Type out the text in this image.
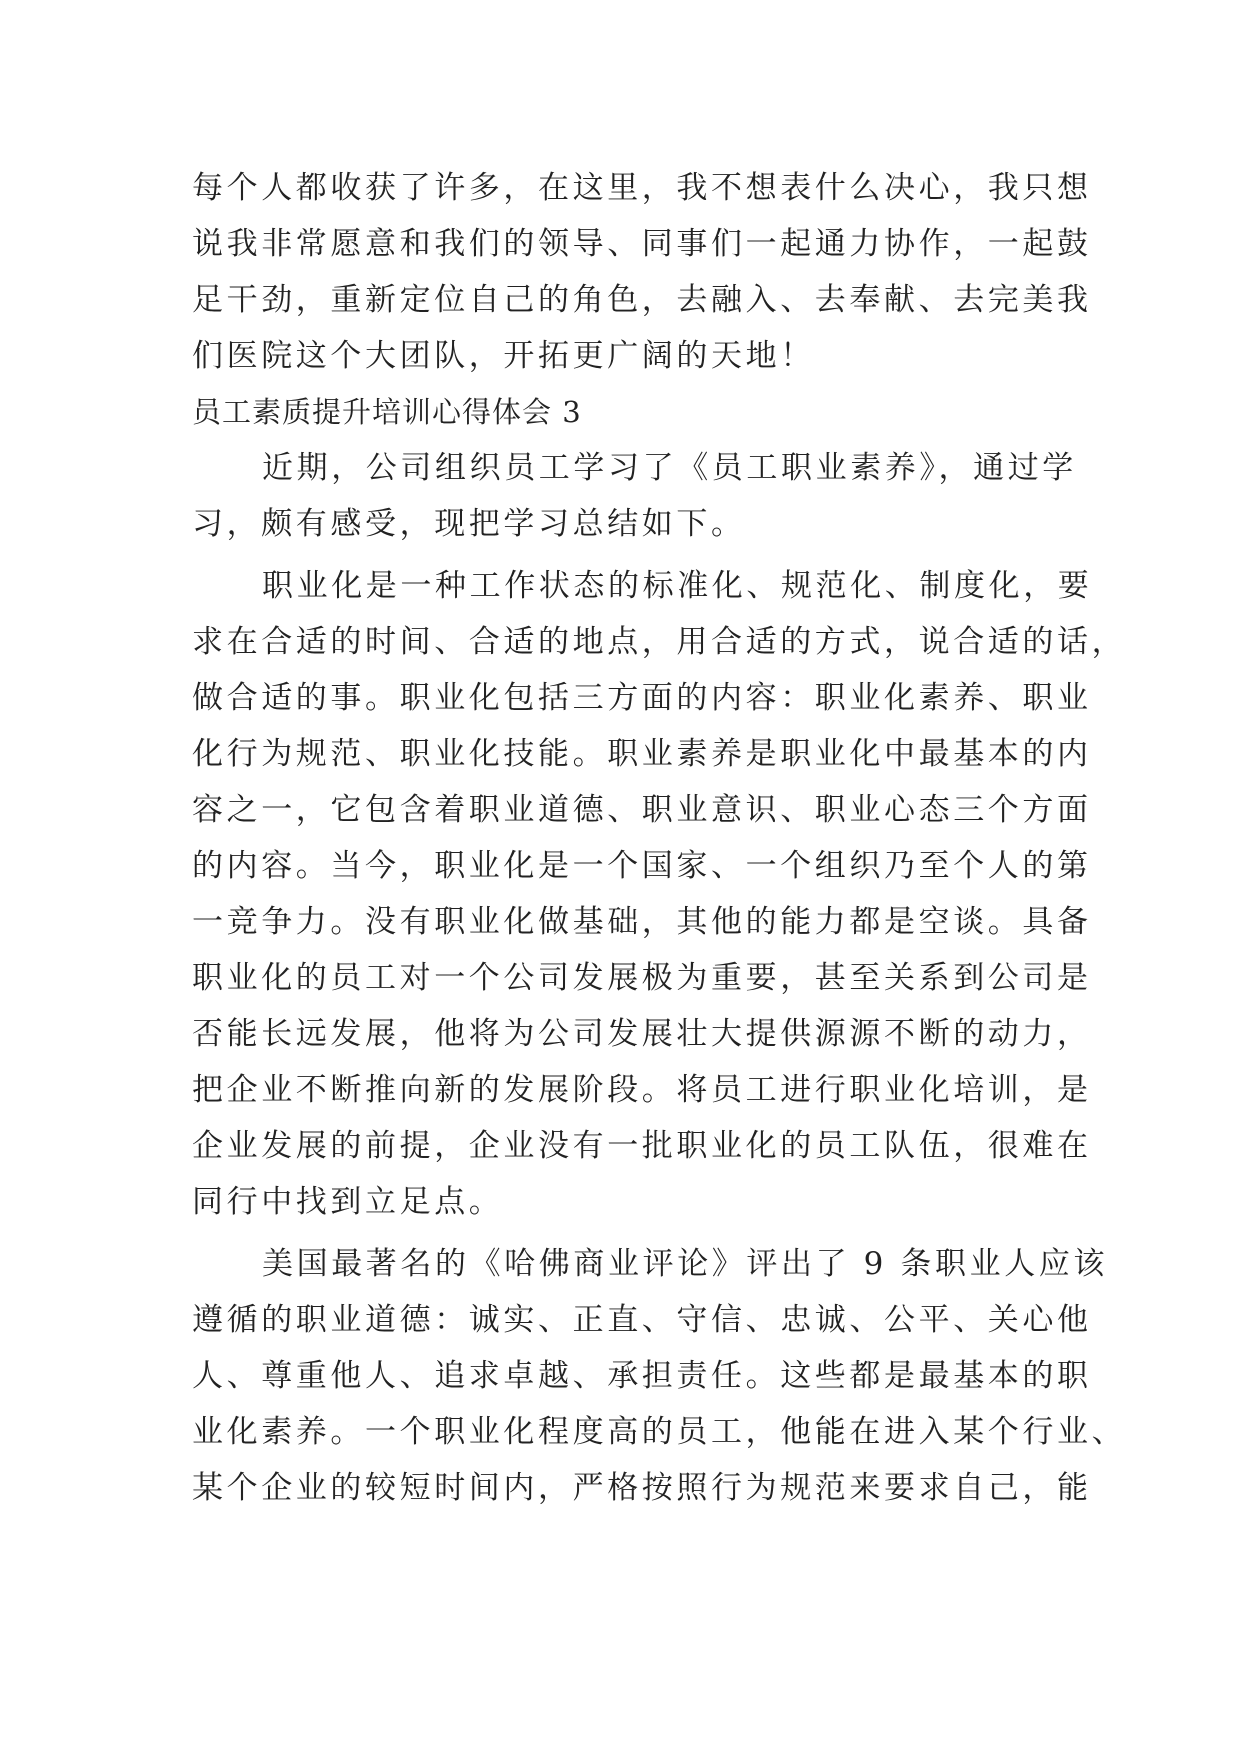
每个人都收获了许多，在这里，我不想表什么决心，我只想
说我非常愿意和我们的领导、同事们一起通力协作，一起鼓
足干劲，重新定位自己的角色，去融入、去奉献、去完美我
们医院这个大团队，开拓更广阔的天地！
员工素质提升培训心得体会 3
近期，公司组织员工学习了《员工职业素养》，通过学
习，颇有感受，现把学习总结如下。
职业化是一种工作状态的标准化、规范化、制度化，要
求在合适的时间、合适的地点，用合适的方式，说合适的话，
做合适的事。职业化包括三方面的内容：职业化素养、职业
化行为规范、职业化技能。职业素养是职业化中最基本的内
容之一，它包含着职业道德、职业意识、职业心态三个方面
的内容。当今，职业化是一个国家、一个组织乃至个人的第
一竞争力。没有职业化做基础，其他的能力都是空谈。具备
职业化的员工对一个公司发展极为重要，甚至关系到公司是
否能长远发展，他将为公司发展壮大提供源源不断的动力，
把企业不断推向新的发展阶段。将员工进行职业化培训，是
企业发展的前提，企业没有一批职业化的员工队伍，很难在
同行中找到立足点。
美国最著名的《哈佛商业评论》评出了 9 条职业人应该
遵循的职业道德：诚实、正直、守信、忠诚、公平、关心他
人、尊重他人、追求卓越、承担责任。这些都是最基本的职
业化素养。一个职业化程度高的员工，他能在进入某个行业、
某个企业的较短时间内，严格按照行为规范来要求自己，能
